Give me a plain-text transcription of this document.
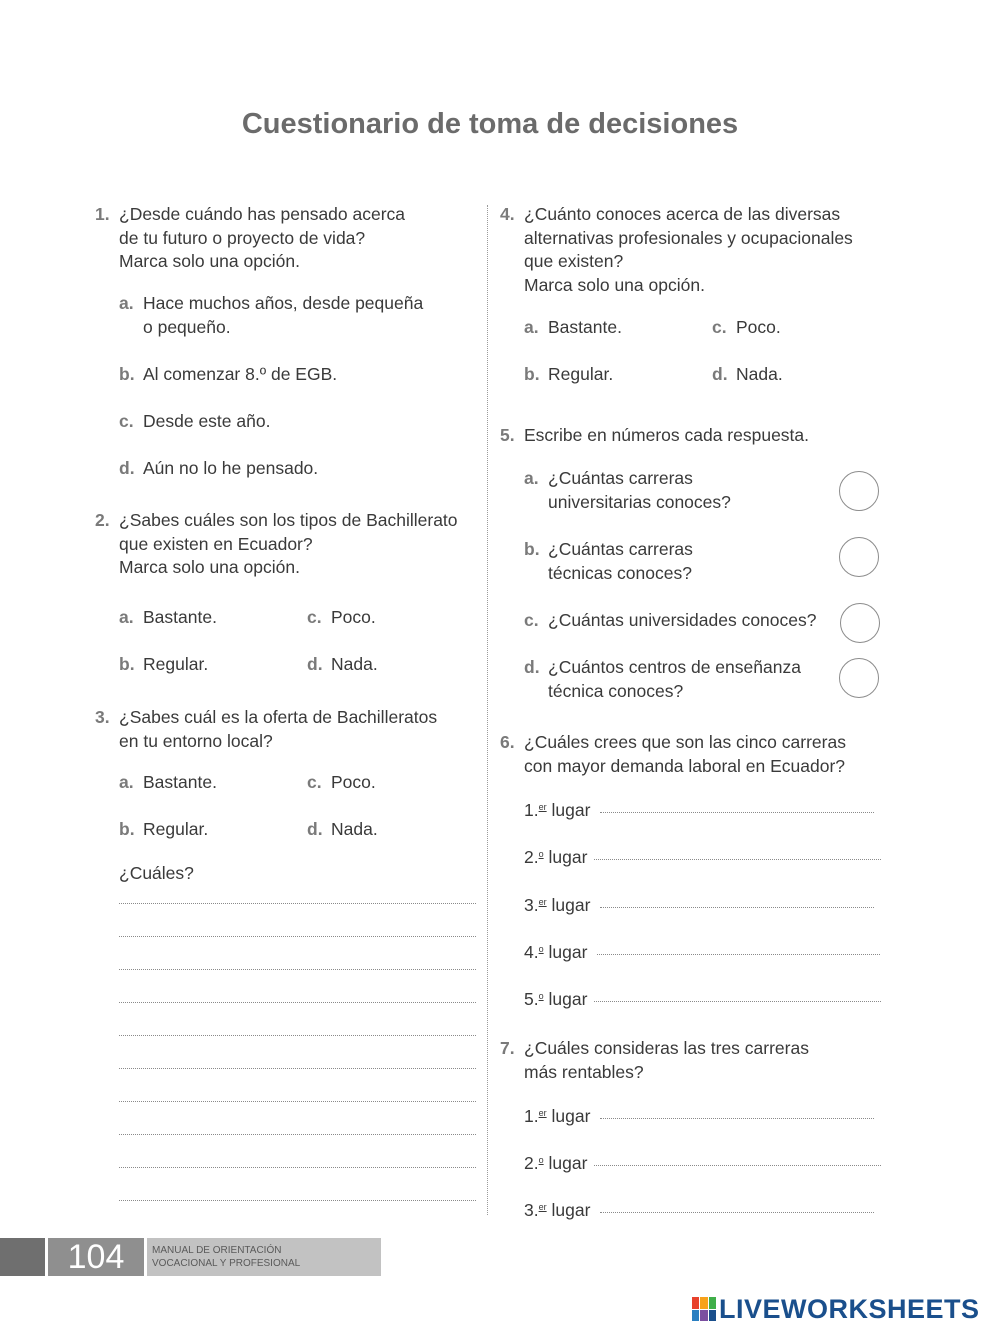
Cuestionario de toma de decisiones
1. ¿Desde cuándo has pensado acerca
de tu futuro o proyecto de vida?
Marca solo una opción.
a. Hace muchos años, desde pequeña
o pequeño.
b. Al comenzar 8.º de EGB.
c. Desde este año.
d. Aún no lo he pensado.
2. ¿Sabes cuáles son los tipos de Bachillerato
que existen en Ecuador?
Marca solo una opción.
a. Bastante.	c. Poco.
b. Regular.	d. Nada.
3. ¿Sabes cuál es la oferta de Bachilleratos
en tu entorno local?
a. Bastante.	c. Poco.
b. Regular.	d. Nada.
¿Cuáles?
4. ¿Cuánto conoces acerca de las diversas
alternativas profesionales y ocupacionales
que existen?
Marca solo una opción.
a. Bastante.	c. Poco.
b. Regular.	d. Nada.
5. Escribe en números cada respuesta.
a. ¿Cuántas carreras
universitarias conoces?
b. ¿Cuántas carreras
técnicas conoces?
c. ¿Cuántas universidades conoces?
d. ¿Cuántos centros de enseñanza
técnica conoces?
6. ¿Cuáles crees que son las cinco carreras
con mayor demanda laboral en Ecuador?
1.$^{er}$ lugar
2.$^o$ lugar
3.$^{er}$ lugar
4.$^o$ lugar
5.$^o$ lugar
7. ¿Cuáles consideras las tres carreras
más rentables?
1.$^{er}$ lugar
2.$^o$ lugar
3.$^{er}$ lugar
104	MANUAL DE ORIENTACIÓN
VOCACIONAL Y PROFESIONAL
LIVEWORKSHEETS
